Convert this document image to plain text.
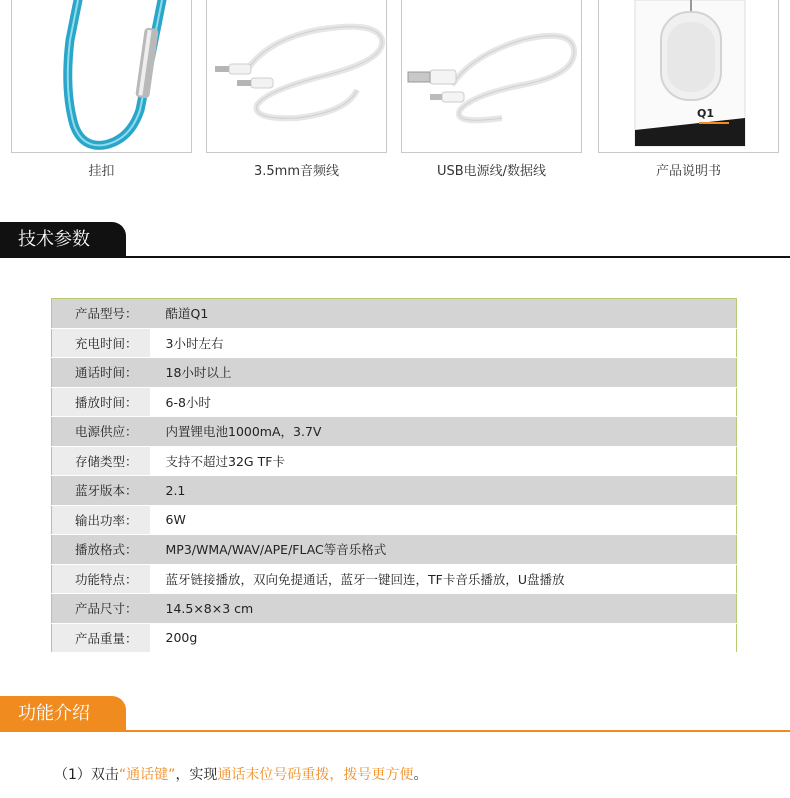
挂扣	3.5mm音频线	USB电源线/数据线
Q1
产品说明书
技术参数
产品型号：	酷道Q1
充电时间：	3小时左右
通话时间：	18小时以上
播放时间：	6-8小时
电源供应：	内置锂电池1000mA，3.7V
存储类型：	支持不超过32G TF卡
蓝牙版本：	2.1
输出功率：	6W
播放格式：	MP3/WMA/WAV/APE/FLAC等音乐格式
功能特点：	蓝牙链接播放，双向免提通话，蓝牙一键回连，TF卡音乐播放，U盘播放
产品尺寸：	14.5×8×3 cm
产品重量：	200g
功能介绍
（1）双击“通话键”，实现通话末位号码重拨，拨号更方便。
